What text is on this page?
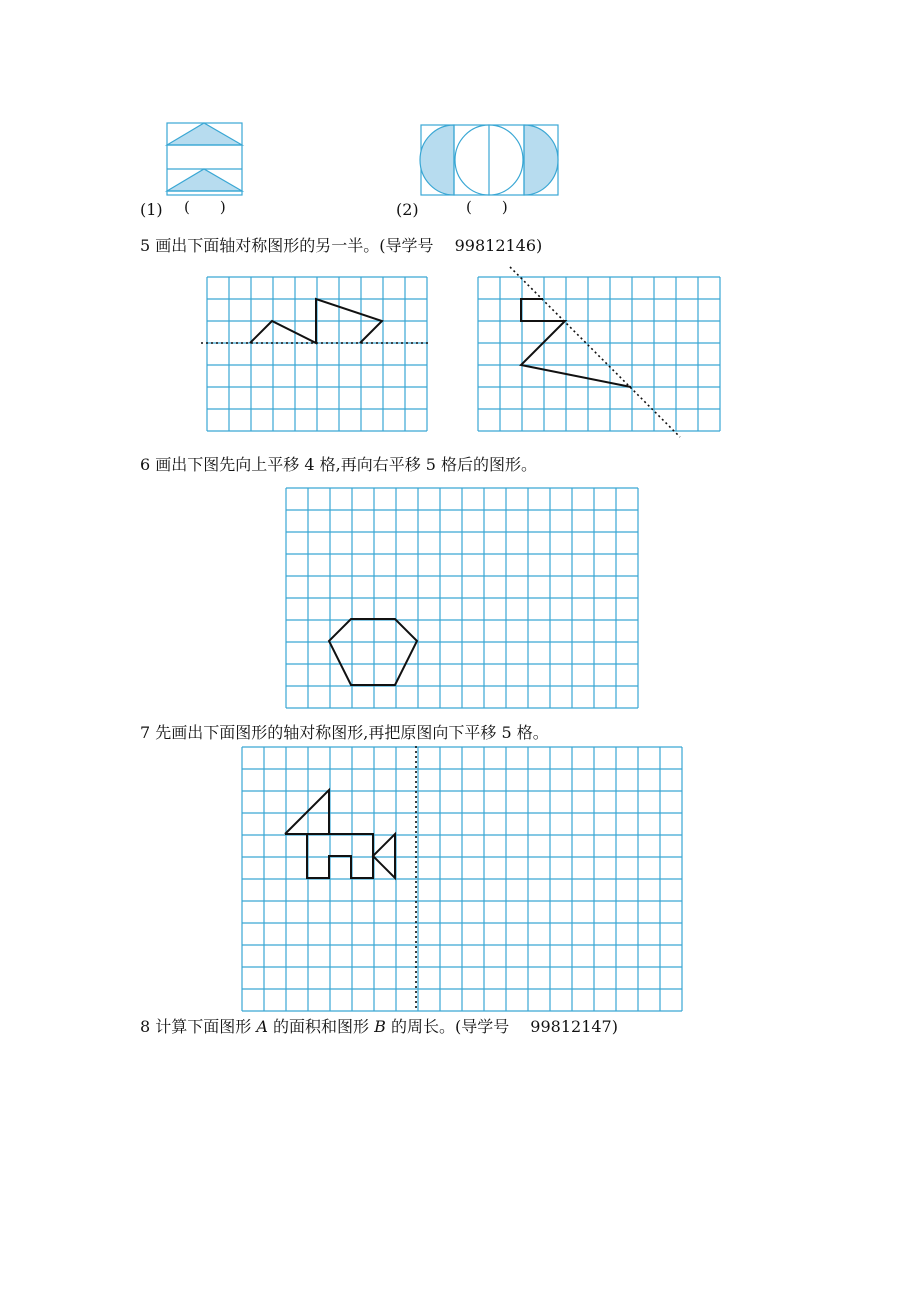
(1) (　　)	(2)	(　　)
5 画出下面轴对称图形的另一半。(导学号　 99812146)
6 画出下图先向上平移 4 格,再向右平移 5 格后的图形。
7 先画出下面图形的轴对称图形,再把原图向下平移 5 格。
8 计算下面图形 A 的面积和图形 B 的周长。(导学号　 99812147)
